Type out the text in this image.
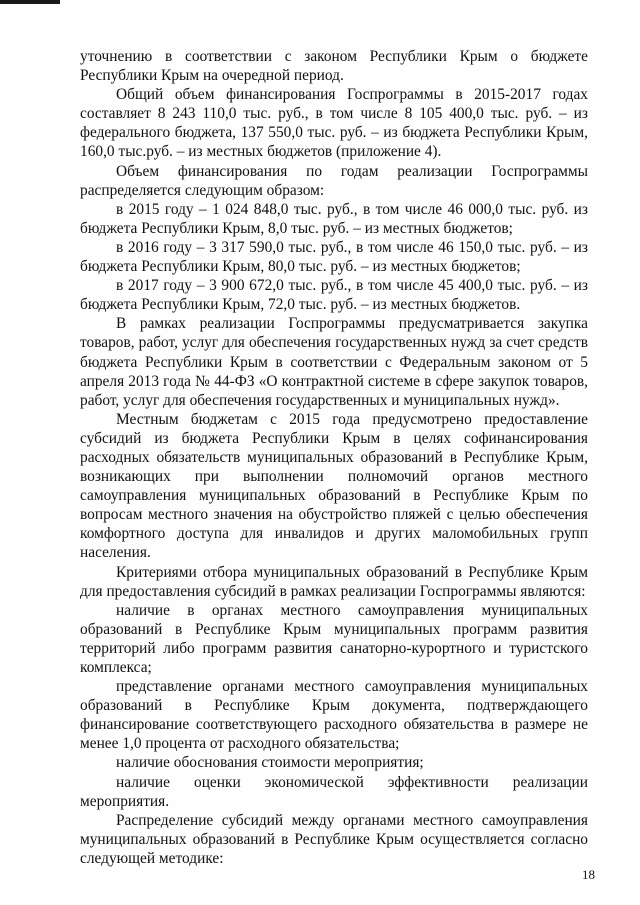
уточнению в соответствии с законом Республики Крым о бюджете Республики Крым на очередной период.

Общий объем финансирования Госпрограммы в 2015-2017 годах составляет 8 243 110,0 тыс. руб., в том числе 8 105 400,0 тыс. руб. – из федерального бюджета, 137 550,0 тыс. руб. – из бюджета Республики Крым, 160,0 тыс.руб. – из местных бюджетов (приложение 4).

Объем финансирования по годам реализации Госпрограммы распределяется следующим образом:

в 2015 году – 1 024 848,0 тыс. руб., в том числе 46 000,0 тыс. руб. из бюджета Республики Крым, 8,0 тыс. руб. – из местных бюджетов;

в 2016 году – 3 317 590,0 тыс. руб., в том числе 46 150,0 тыс. руб. – из бюджета Республики Крым, 80,0 тыс. руб. – из местных бюджетов;

в 2017 году – 3 900 672,0 тыс. руб., в том числе 45 400,0 тыс. руб. – из бюджета Республики Крым, 72,0 тыс. руб. – из местных бюджетов.

В рамках реализации Госпрограммы предусматривается закупка товаров, работ, услуг для обеспечения государственных нужд за счет средств бюджета Республики Крым в соответствии с Федеральным законом от 5 апреля 2013 года № 44-ФЗ «О контрактной системе в сфере закупок товаров, работ, услуг для обеспечения государственных и муниципальных нужд».

Местным бюджетам с 2015 года предусмотрено предоставление субсидий из бюджета Республики Крым в целях софинансирования расходных обязательств муниципальных образований в Республике Крым, возникающих при выполнении полномочий органов местного самоуправления муниципальных образований в Республике Крым по вопросам местного значения на обустройство пляжей с целью обеспечения комфортного доступа для инвалидов и других маломобильных групп населения.

Критериями отбора муниципальных образований в Республике Крым для предоставления субсидий в рамках реализации Госпрограммы являются:

наличие в органах местного самоуправления муниципальных образований в Республике Крым муниципальных программ развития территорий либо программ развития санаторно-курортного и туристского комплекса;

представление органами местного самоуправления муниципальных образований в Республике Крым документа, подтверждающего финансирование соответствующего расходного обязательства в размере не менее 1,0 процента от расходного обязательства;

наличие обоснования стоимости мероприятия;

наличие оценки экономической эффективности реализации мероприятия.

Распределение субсидий между органами местного самоуправления муниципальных образований в Республике Крым осуществляется согласно следующей методике:

18
